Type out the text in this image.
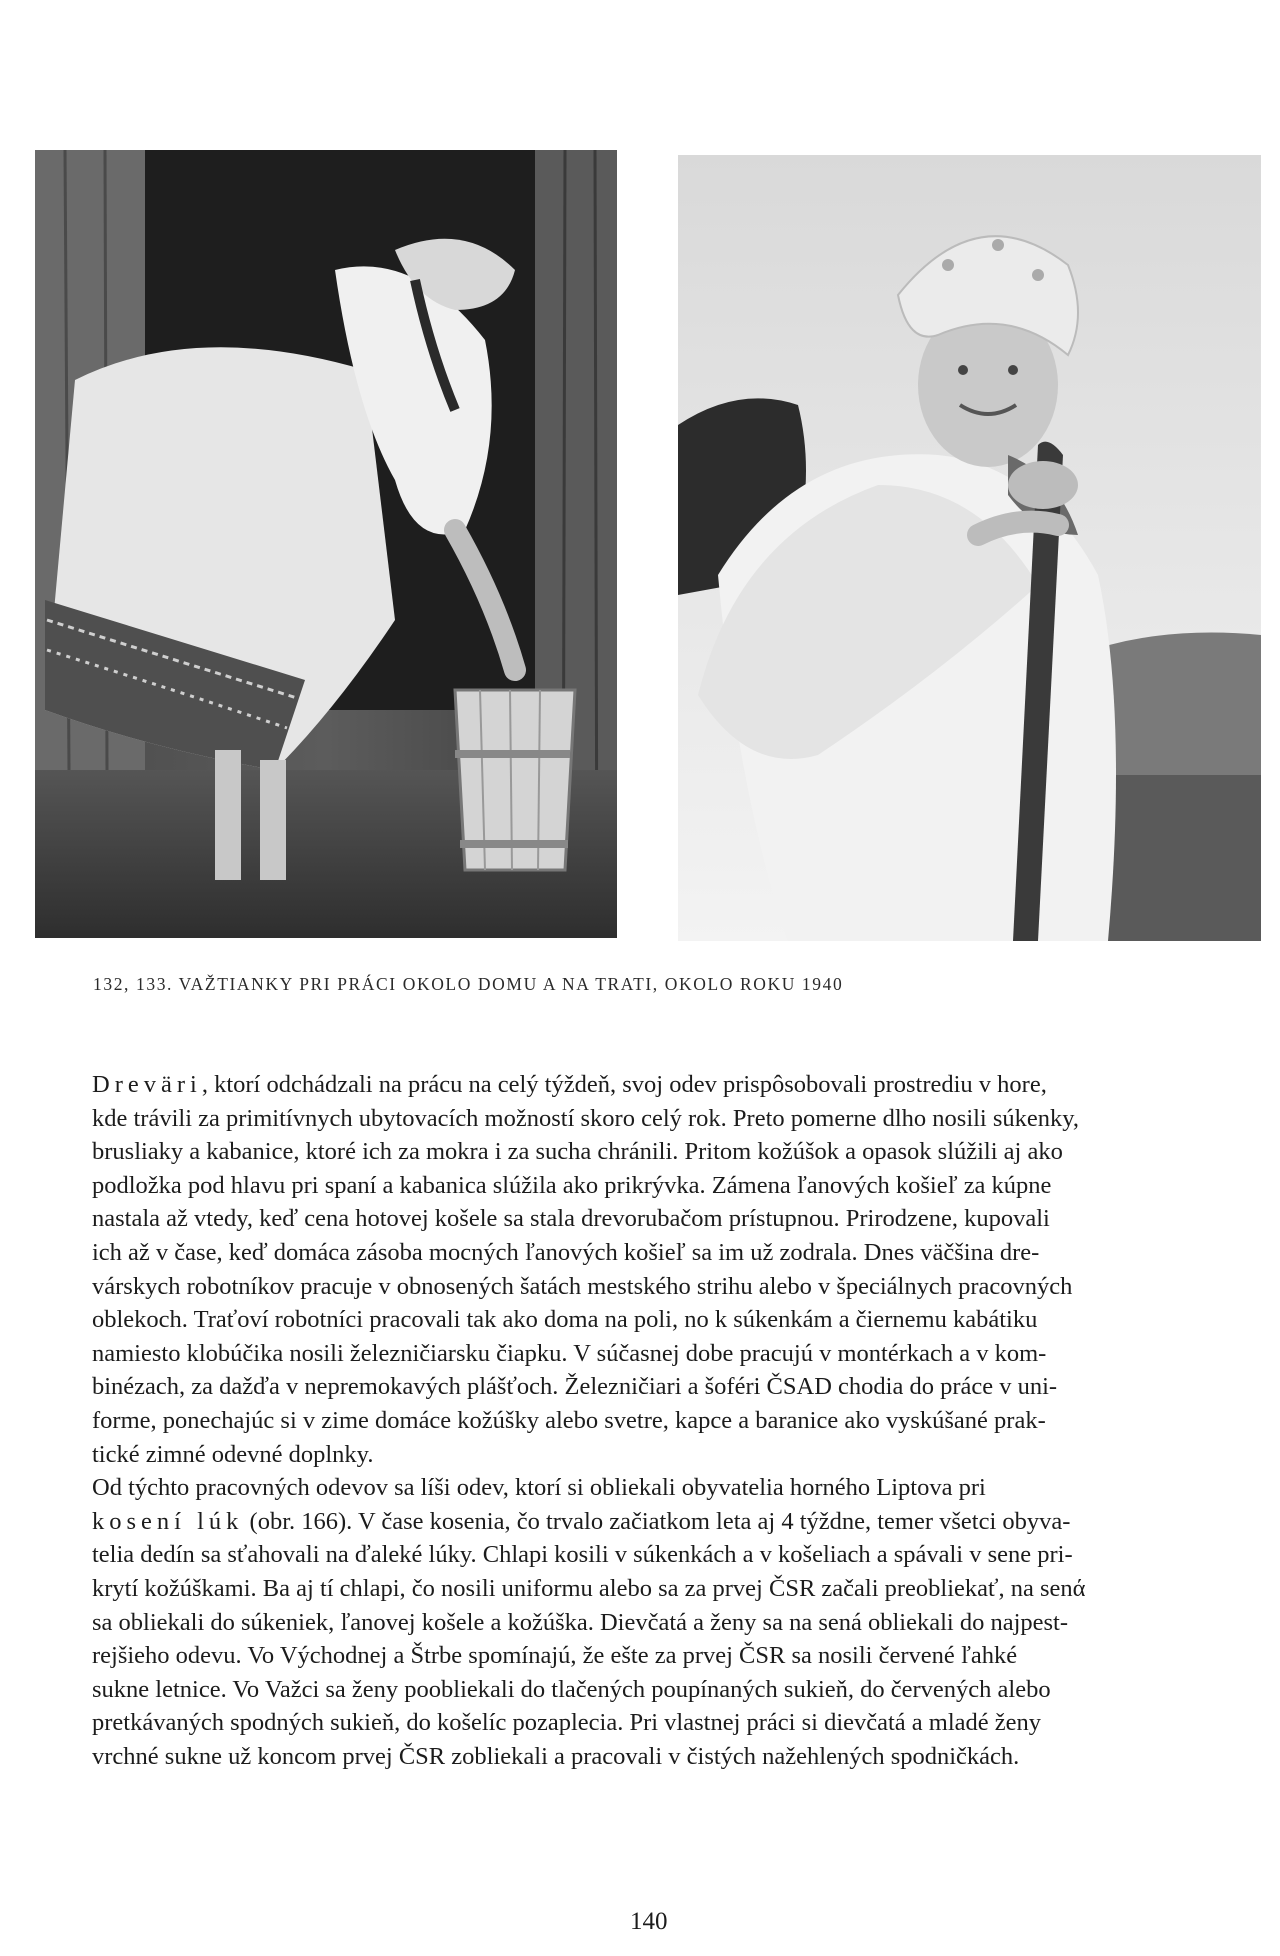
132, 133. VAŽTIANKY PRI PRÁCI OKOLO DOMU A NA TRATI, OKOLO ROKU 1940
Dreväri, ktorí odchádzali na prácu na celý týždeň, svoj odev prispôsobovali prostrediu v hore,
kde trávili za primitívnych ubytovacích možností skoro celý rok. Preto pomerne dlho nosili súkenky,
brusliaky a kabanice, ktoré ich za mokra i za sucha chránili. Pritom kožúšok a opasok slúžili aj ako
podložka pod hlavu pri spaní a kabanica slúžila ako prikrývka. Zámena ľanových košieľ za kúpne
nastala až vtedy, keď cena hotovej košele sa stala drevorubačom prístupnou. Prirodzene, kupovali
ich až v čase, keď domáca zásoba mocných ľanových košieľ sa im už zodrala. Dnes väčšina dre-
várskych robotníkov pracuje v obnosených šatách mestského strihu alebo v špeciálnych pracovných
oblekoch. Traťoví robotníci pracovali tak ako doma na poli, no k súkenkám a čiernemu kabátiku
namiesto klobúčika nosili železničiarsku čiapku. V súčasnej dobe pracujú v montérkach a v kom-
binézach, za dažďa v nepremokavých plášťoch. Železničiari a šoféri ČSAD chodia do práce v uni-
forme, ponechajúc si v zime domáce kožúšky alebo svetre, kapce a baranice ako vyskúšané prak-
tické zimné odevné doplnky.
Od týchto pracovných odevov sa líši odev, ktorí si obliekali obyvatelia horného Liptova pri
kosení lúk (obr. 166). V čase kosenia, čo trvalo začiatkom leta aj 4 týždne, temer všetci obyva-
telia dedín sa sťahovali na ďaleké lúky. Chlapi kosili v súkenkách a v košeliach a spávali v sene pri-
krytí kožúškami. Ba aj tí chlapi, čo nosili uniformu alebo sa za prvej ČSR začali preobliekať, na senά
sa obliekali do súkeniek, ľanovej košele a kožúška. Dievčatá a ženy sa na sená obliekali do najpest-
rejšieho odevu. Vo Východnej a Štrbe spomínajú, že ešte za prvej ČSR sa nosili červené ľahké
sukne letnice. Vo Važci sa ženy poobliekali do tlačených poupínaných sukieň, do červených alebo
pretkávaných spodných sukieň, do košelíc pozaplecia. Pri vlastnej práci si dievčatá a mladé ženy
vrchné sukne už koncom prvej ČSR zobliekali a pracovali v čistých nažehlených spodničkách.
140
